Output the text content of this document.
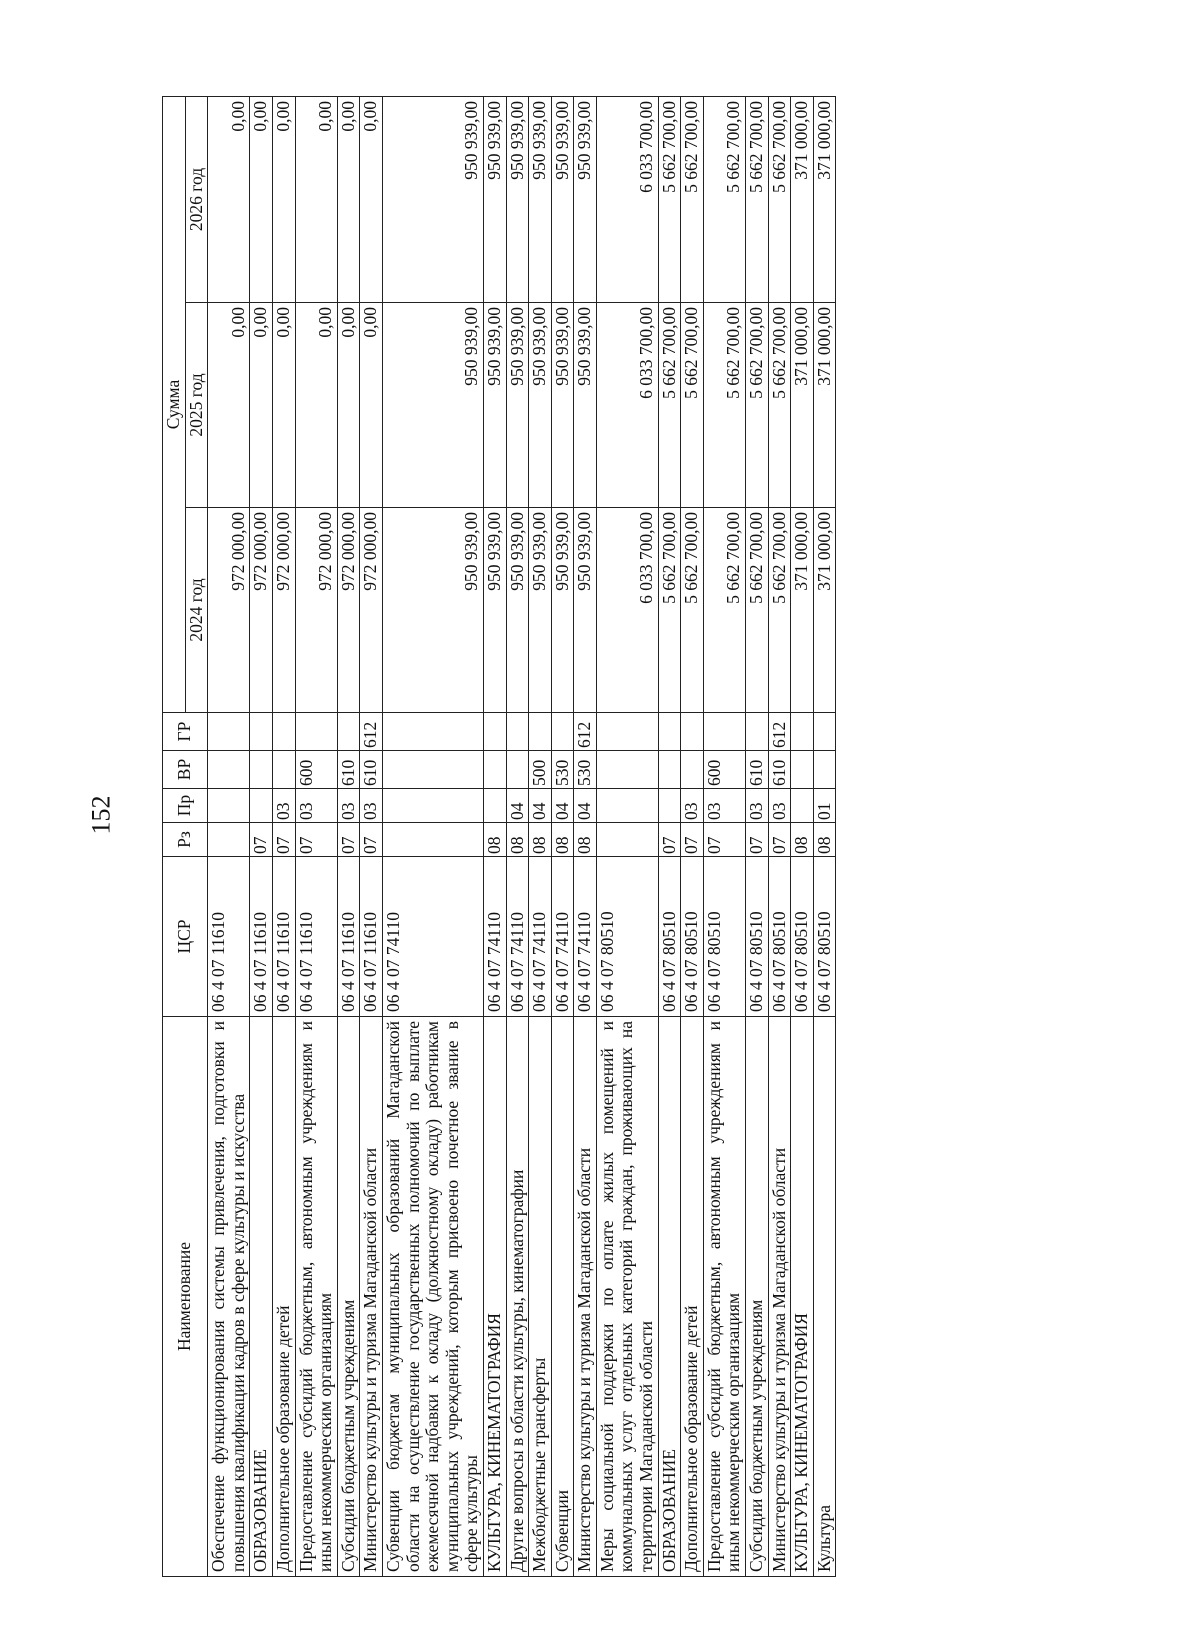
152
Наименование	ЦСР	Рз	Пр	ВР	ГР	Сумма		
						2024 год	2025 год	2026 год
Обеспечение функционирования системы привлечения, подготовки и повышения квалификации кадров в сфере культуры и искусства	06 4 07 11610					972 000,00	0,00	0,00
ОБРАЗОВАНИЕ	06 4 07 11610	07				972 000,00	0,00	0,00
Дополнительное образование детей	06 4 07 11610	07	03			972 000,00	0,00	0,00
Предоставление субсидий бюджетным, автономным учреждениям и иным некоммерческим организациям	06 4 07 11610	07	03	600		972 000,00	0,00	0,00
Субсидии бюджетным учреждениям	06 4 07 11610	07	03	610		972 000,00	0,00	0,00
Министерство культуры и туризма Магаданской области	06 4 07 11610	07	03	610	612	972 000,00	0,00	0,00
Субвенции бюджетам муниципальных образований Магаданской области на осуществление государственных полномочий по выплате ежемесячной надбавки к окладу (должностному окладу) работникам муниципальных учреждений, которым присвоено почетное звание в сфере культуры	06 4 07 74110					950 939,00	950 939,00	950 939,00
КУЛЬТУРА, КИНЕМАТОГРАФИЯ	06 4 07 74110	08				950 939,00	950 939,00	950 939,00
Другие вопросы в области культуры, кинематографии	06 4 07 74110	08	04			950 939,00	950 939,00	950 939,00
Межбюджетные трансферты	06 4 07 74110	08	04	500		950 939,00	950 939,00	950 939,00
Субвенции	06 4 07 74110	08	04	530		950 939,00	950 939,00	950 939,00
Министерство культуры и туризма Магаданской области	06 4 07 74110	08	04	530	612	950 939,00	950 939,00	950 939,00
Меры социальной поддержки по оплате жилых помещений и коммунальных услуг отдельных категорий граждан, проживающих на территории Магаданской области	06 4 07 80510					6 033 700,00	6 033 700,00	6 033 700,00
ОБРАЗОВАНИЕ	06 4 07 80510	07				5 662 700,00	5 662 700,00	5 662 700,00
Дополнительное образование детей	06 4 07 80510	07	03			5 662 700,00	5 662 700,00	5 662 700,00
Предоставление субсидий бюджетным, автономным учреждениям и иным некоммерческим организациям	06 4 07 80510	07	03	600		5 662 700,00	5 662 700,00	5 662 700,00
Субсидии бюджетным учреждениям	06 4 07 80510	07	03	610		5 662 700,00	5 662 700,00	5 662 700,00
Министерство культуры и туризма Магаданской области	06 4 07 80510	07	03	610	612	5 662 700,00	5 662 700,00	5 662 700,00
КУЛЬТУРА, КИНЕМАТОГРАФИЯ	06 4 07 80510	08				371 000,00	371 000,00	371 000,00
Культура	06 4 07 80510	08	01			371 000,00	371 000,00	371 000,00
